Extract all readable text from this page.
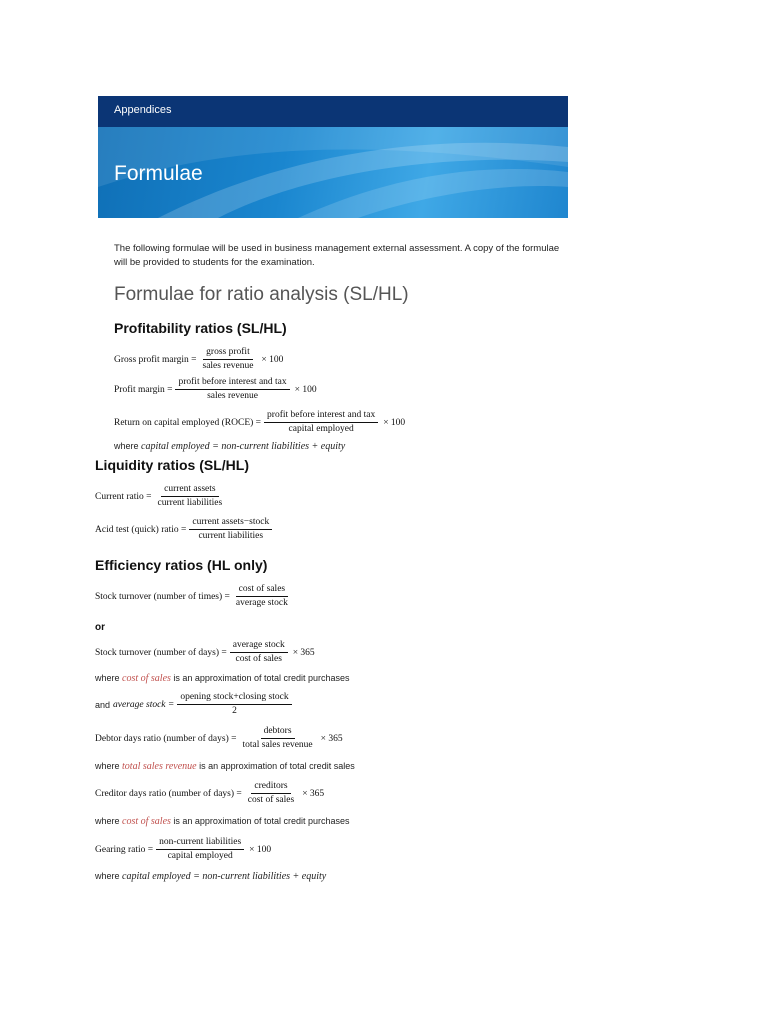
Appendices
Formulae
The following formulae will be used in business management external assessment. A copy of the formulae will be provided to students for the examination.
Formulae for ratio analysis (SL/HL)
Profitability ratios (SL/HL)
Gross profit margin = $\frac{\text{gross profit}}{\text{sales revenue}} \times 100$
Profit margin = $\frac{\text{profit before interest and tax}}{\text{sales revenue}} \times 100$
Return on capital employed (ROCE) = $\frac{\text{profit before interest and tax}}{\text{capital employed}} \times 100$
where capital employed = non-current liabilities + equity
Liquidity ratios (SL/HL)
Current ratio = $\frac{\text{current assets}}{\text{current liabilities}}$
Acid test (quick) ratio = $\frac{\text{current assets−stock}}{\text{current liabilities}}$
Efficiency ratios (HL only)
Stock turnover (number of times) = $\frac{\text{cost of sales}}{\text{average stock}}$
or
Stock turnover (number of days) = $\frac{\text{average stock}}{\text{cost of sales}} \times 365$
where cost of sales is an approximation of total credit purchases
and average stock = $\frac{\text{opening stock+closing stock}}{2}$
Debtor days ratio (number of days) = $\frac{\text{debtors}}{\text{total sales revenue}} \times 365$
where total sales revenue is an approximation of total credit sales
Creditor days ratio (number of days) = $\frac{\text{creditors}}{\text{cost of sales}} \times 365$
where cost of sales is an approximation of total credit purchases
Gearing ratio = $\frac{\text{non-current liabilities}}{\text{capital employed}} \times 100$
where capital employed = non-current liabilities + equity
